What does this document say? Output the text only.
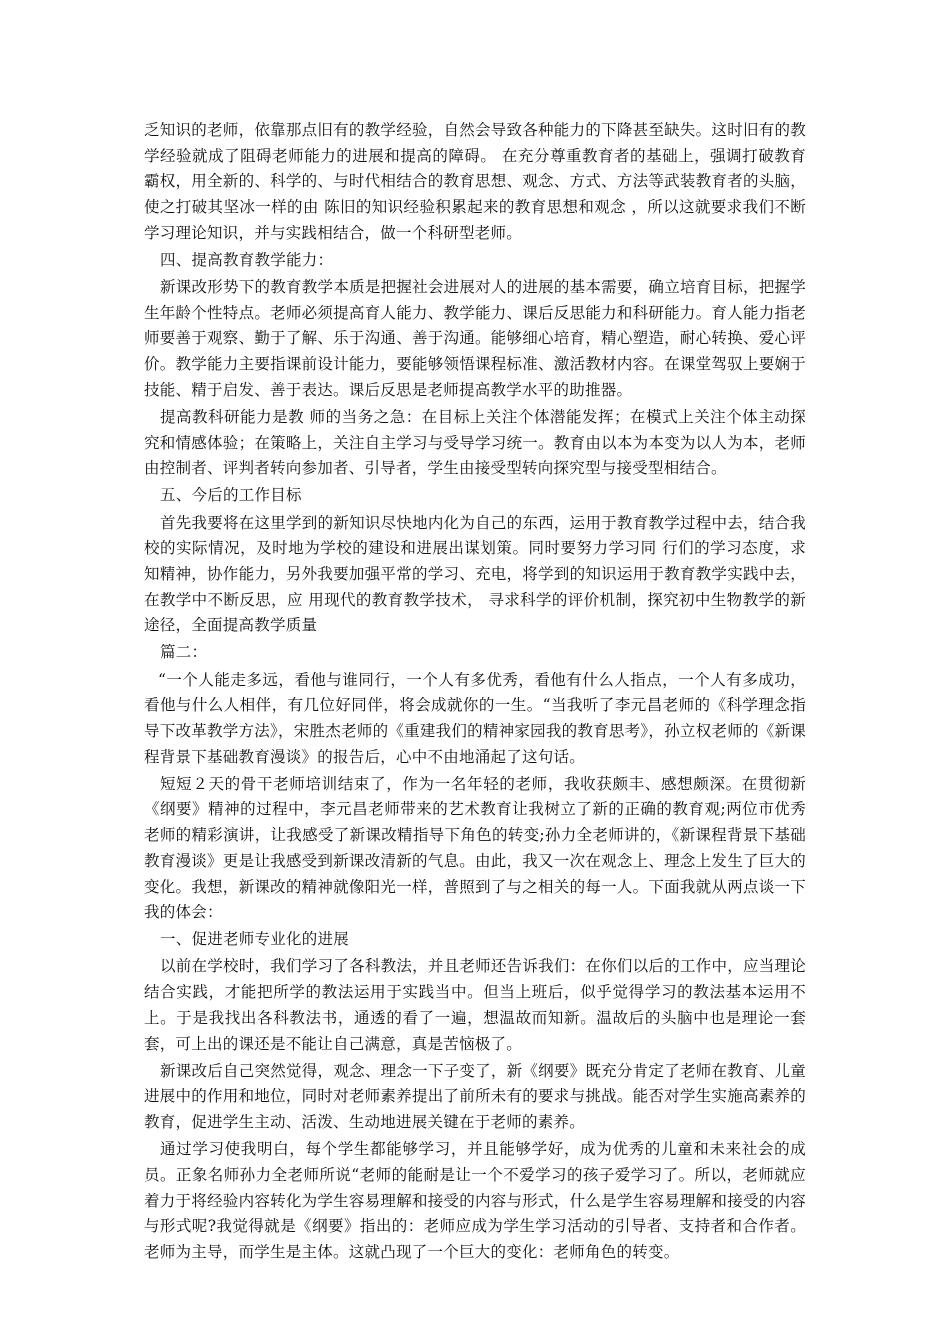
乏知识的老师，依靠那点旧有的教学经验，自然会导致各种能力的下降甚至缺失。这时旧有的教学经验就成了阻碍老师能力的进展和提高的障碍。 在充分尊重教育者的基础上，强调打破教育霸权，用全新的、科学的、与时代相结合的教育思想、观念、方式、方法等武装教育者的头脑，使之打破其坚冰一样的由 陈旧的知识经验积累起来的教育思想和观念 ，所以这就要求我们不断学习理论知识，并与实践相结合，做一个科研型老师。

四、提高教育教学能力：

新课改形势下的教育教学本质是把握社会进展对人的进展的基本需要，确立培育目标，把握学生年龄个性特点。老师必须提高育人能力、教学能力、课后反思能力和科研能力。育人能力指老师要善于观察、勤于了解、乐于沟通、善于沟通。能够细心培育，精心塑造，耐心转换、爱心评价。教学能力主要指课前设计能力，要能够领悟课程标准、激活教材内容。在课堂驾驭上要娴于技能、精于启发、善于表达。课后反思是老师提高教学水平的助推器。

提高教科研能力是教 师的当务之急：在目标上关注个体潜能发挥；在模式上关注个体主动探究和情感体验；在策略上，关注自主学习与受导学习统一。教育由以本为本变为以人为本，老师由控制者、评判者转向参加者、引导者，学生由接受型转向探究型与接受型相结合。

五、今后的工作目标

首先我要将在这里学到的新知识尽快地内化为自己的东西，运用于教育教学过程中去，结合我校的实际情况，及时地为学校的建设和进展出谋划策。同时要努力学习同 行们的学习态度，求知精神，协作能力，另外我要加强平常的学习、充电，将学到的知识运用于教育教学实践中去，在教学中不断反思，应 用现代的教育教学技术， 寻求科学的评价机制，探究初中生物教学的新途径，全面提高教学质量

篇二：

“一个人能走多远，看他与谁同行，一个人有多优秀，看他有什么人指点，一个人有多成功，看他与什么人相伴，有几位好同伴，将会成就你的一生。“当我听了李元昌老师的《科学理念指导下改革教学方法》，宋胜杰老师的《重建我们的精神家园我的教育思考》，孙立权老师的《新课程背景下基础教育漫谈》的报告后，心中不由地涌起了这句话。

短短２天的骨干老师培训结束了，作为一名年轻的老师，我收获颇丰、感想颇深。在贯彻新《纲要》精神的过程中，李元昌老师带来的艺术教育让我树立了新的正确的教育观;两位市优秀老师的精彩演讲，让我感受了新课改精指导下角色的转变;孙力全老师讲的，《新课程背景下基础教育漫谈》更是让我感受到新课改清新的气息。由此，我又一次在观念上、理念上发生了巨大的变化。我想，新课改的精神就像阳光一样，普照到了与之相关的每一人。下面我就从两点谈一下我的体会：

一、促进老师专业化的进展

以前在学校时，我们学习了各科教法，并且老师还告诉我们：在你们以后的工作中，应当理论结合实践，才能把所学的教法运用于实践当中。但当上班后，似乎觉得学习的教法基本运用不上。于是我找出各科教法书，通透的看了一遍，想温故而知新。温故后的头脑中也是理论一套套，可上出的课还是不能让自己满意，真是苦恼极了。

新课改后自己突然觉得，观念、理念一下子变了，新《纲要》既充分肯定了老师在教育、儿童进展中的作用和地位，同时对老师素养提出了前所未有的要求与挑战。能否对学生实施高素养的教育，促进学生主动、活泼、生动地进展关键在于老师的素养。

通过学习使我明白，每个学生都能够学习，并且能够学好，成为优秀的儿童和未来社会的成员。正象名师孙力全老师所说“老师的能耐是让一个不爱学习的孩子爱学习了。所以，老师就应着力于将经验内容转化为学生容易理解和接受的内容与形式，什么是学生容易理解和接受的内容与形式呢?我觉得就是《纲要》指出的：老师应成为学生学习活动的引导者、支持者和合作者。老师为主导，而学生是主体。这就凸现了一个巨大的变化：老师角色的转变。
